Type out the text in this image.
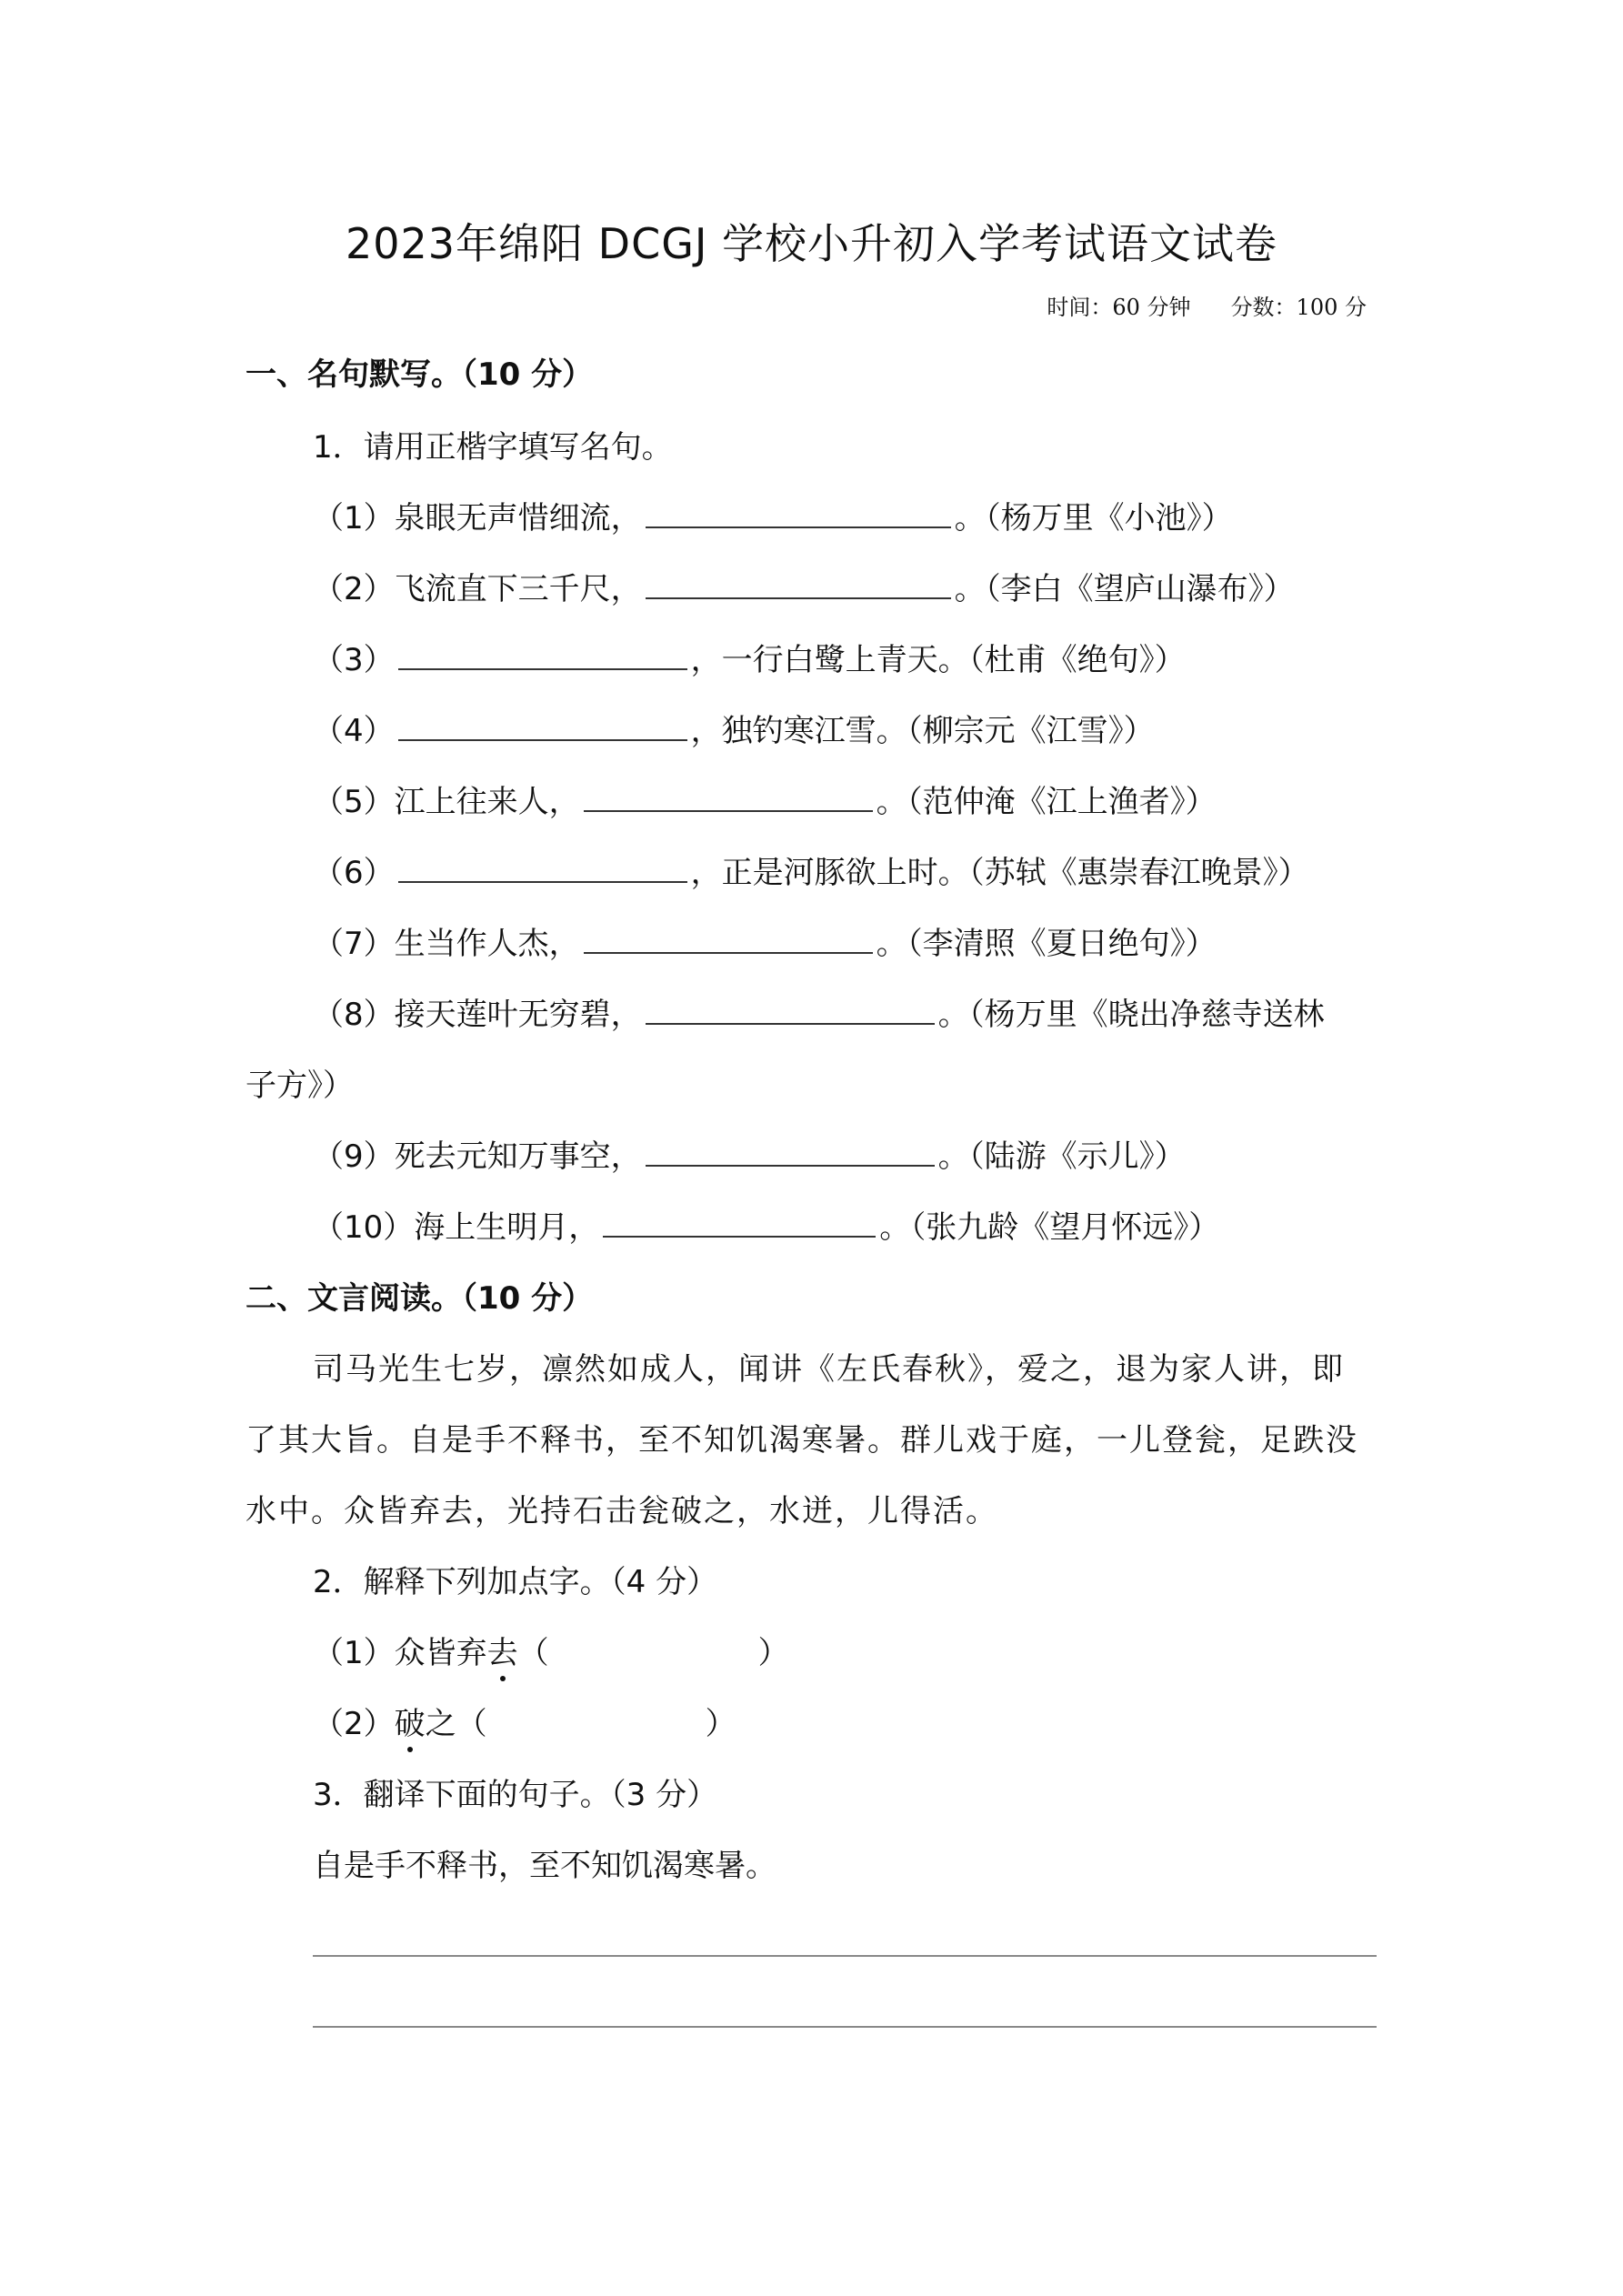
2023年绵阳 DCGJ 学校小升初入学考试语文试卷
时间：60 分钟 分数：100 分
一、名句默写。（10 分）
1．请用正楷字填写名句。
（1）泉眼无声惜细流，	。（杨万里《小池》）
（2）飞流直下三千尺，	。（李白《望庐山瀑布》）
（3）	，一行白鹭上青天。（杜甫《绝句》）
（4）	，独钓寒江雪。（柳宗元《江雪》）
（5）江上往来人，	。（范仲淹《江上渔者》）
（6）	，正是河豚欲上时。（苏轼《惠崇春江晚景》）
（7）生当作人杰，	。（李清照《夏日绝句》）
（8）接天莲叶无穷碧，	。（杨万里《晓出净慈寺送林
子方》）
（9）死去元知万事空，	。（陆游《示儿》）
（10）海上生明月，	。（张九龄《望月怀远》）
二、文言阅读。（10 分）
司马光生七岁，凛然如成人，闻讲《左氏春秋》，爱之，退为家人讲，即
了其大旨。自是手不释书，至不知饥渴寒暑。群儿戏于庭，一儿登瓮，足跌没
水中。众皆弃去，光持石击瓮破之，水迸，儿得活。
2．解释下列加点字。（4 分）
（1）众皆弃去（	）
（2）破之（	）
3．翻译下面的句子。（3 分）
自是手不释书，至不知饥渴寒暑。
